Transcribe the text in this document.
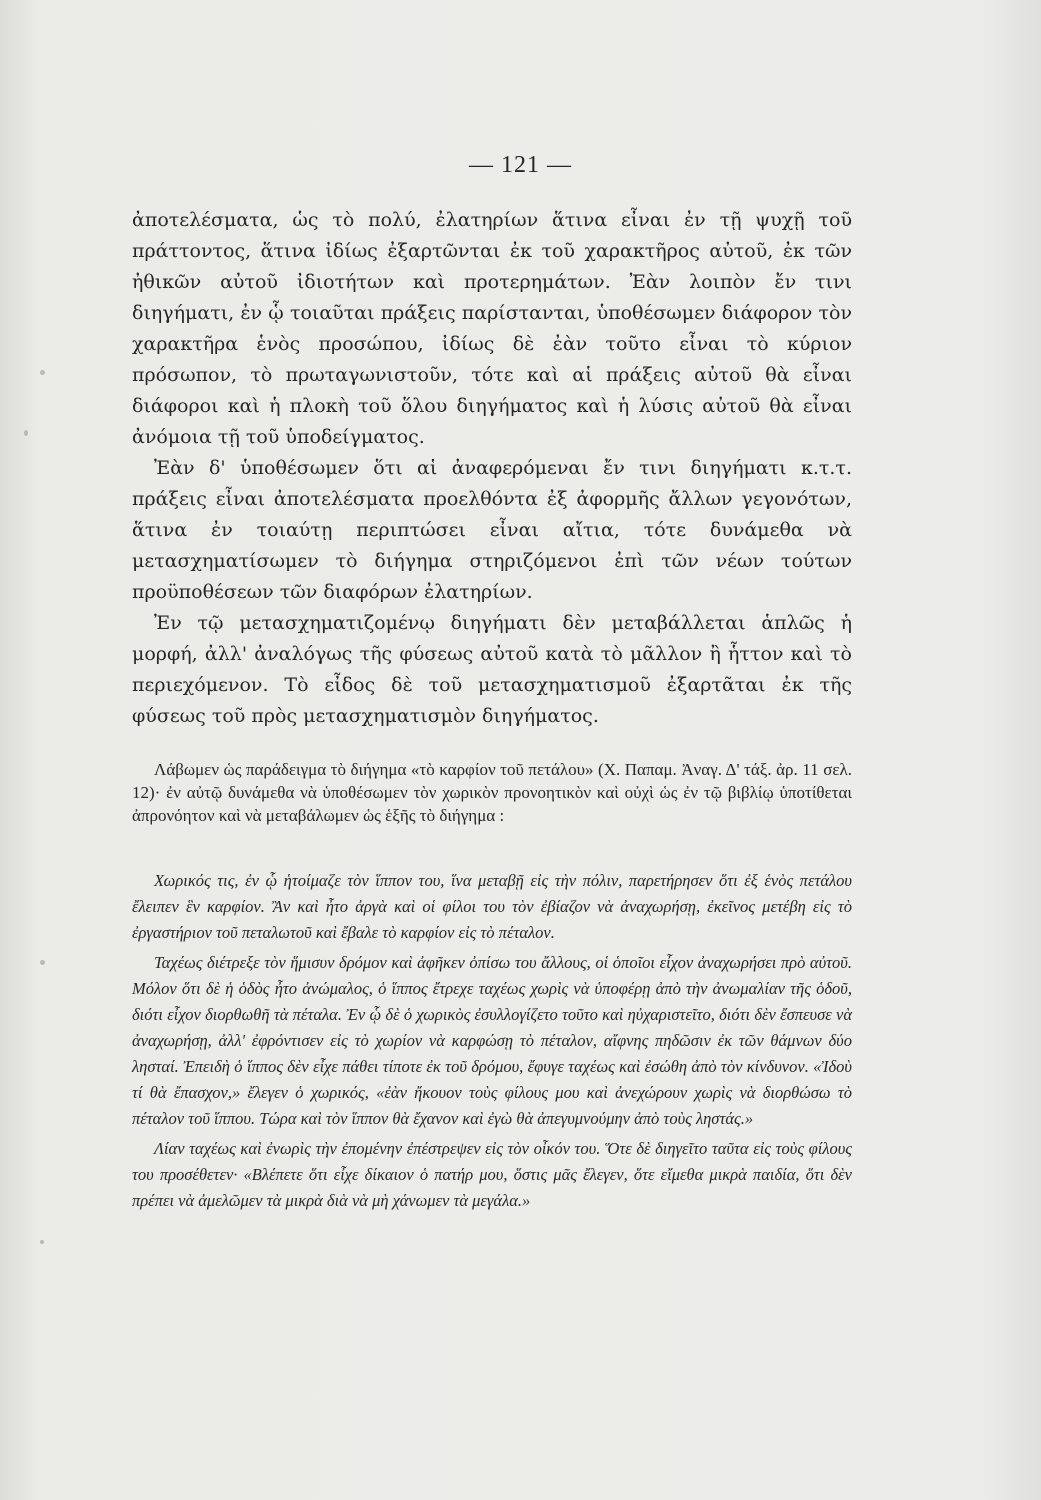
— 121 —

ἀποτελέσματα, ὡς τὸ πολύ, ἐλατηρίων ἅτινα εἶναι ἐν τῇ ψυχῇ τοῦ πράττοντος, ἅτινα ἰδίως ἐξαρτῶνται ἐκ τοῦ χαρακτῆρος αὐτοῦ, ἐκ τῶν ἠθικῶν αὐτοῦ ἰδιοτήτων καὶ προτερημάτων. Ἐὰν λοιπὸν ἔν τινι διηγήματι, ἐν ᾧ τοιαῦται πράξεις παρίστανται, ὑποθέσωμεν διάφορον τὸν χαρακτῆρα ἑνὸς προσώπου, ἰδίως δὲ ἐὰν τοῦτο εἶναι τὸ κύριον πρόσωπον, τὸ πρωταγωνιστοῦν, τότε καὶ αἱ πράξεις αὐτοῦ θὰ εἶναι διάφοροι καὶ ἡ πλοκὴ τοῦ ὅλου διηγήματος καὶ ἡ λύσις αὐτοῦ θὰ εἶναι ἀνόμοια τῇ τοῦ ὑποδείγματος.

Ἐὰν δ' ὑποθέσωμεν ὅτι αἱ ἀναφερόμεναι ἔν τινι διηγήματι κ.τ.τ. πράξεις εἶναι ἀποτελέσματα προελθόντα ἐξ ἀφορμῆς ἄλλων γεγονότων, ἅτινα ἐν τοιαύτῃ περιπτώσει εἶναι αἴτια, τότε δυνάμεθα νὰ μετασχηματίσωμεν τὸ διήγημα στηριζόμενοι ἐπὶ τῶν νέων τούτων προϋποθέσεων τῶν διαφόρων ἐλατηρίων.

Ἐν τῷ μετασχηματιζομένῳ διηγήματι δὲν μεταβάλλεται ἁπλῶς ἡ μορφή, ἀλλ' ἀναλόγως τῆς φύσεως αὐτοῦ κατὰ τὸ μᾶλλον ἢ ἧττον καὶ τὸ περιεχόμενον. Τὸ εἶδος δὲ τοῦ μετασχηματισμοῦ ἐξαρτᾶται ἐκ τῆς φύσεως τοῦ πρὸς μετασχηματισμὸν διηγήματος.

Λάβωμεν ὡς παράδειγμα τὸ διήγημα «τὸ καρφίον τοῦ πετάλου» (Χ. Παπαμ. Ἀναγ. Δ' τάξ. ἀρ. 11 σελ. 12)· ἐν αὐτῷ δυνάμεθα νὰ ὑποθέσωμεν τὸν χωρικὸν προνοητικὸν καὶ οὐχὶ ὡς ἐν τῷ βιβλίῳ ὑποτίθεται ἀπρονόητον καὶ νὰ μεταβάλωμεν ὡς ἑξῆς τὸ διήγημα :

Χωρικός τις, ἐν ᾧ ἡτοίμαζε τὸν ἵππον του, ἵνα μεταβῇ εἰς τὴν πόλιν, παρετήρησεν ὅτι ἐξ ἑνὸς πετάλου ἔλειπεν ἓν καρφίον. Ἂν καὶ ἦτο ἀργὰ καὶ οἱ φίλοι του τὸν ἐβίαζον νὰ ἀναχωρήσῃ, ἐκεῖνος μετέβη εἰς τὸ ἐργαστήριον τοῦ πεταλωτοῦ καὶ ἔβαλε τὸ καρφίον εἰς τὸ πέταλον.

Ταχέως διέτρεξε τὸν ἥμισυν δρόμον καὶ ἀφῆκεν ὀπίσω του ἄλλους, οἱ ὁποῖοι εἶχον ἀναχωρήσει πρὸ αὐτοῦ. Μόλον ὅτι δὲ ἡ ὁδὸς ἦτο ἀνώμαλος, ὁ ἵππος ἔτρεχε ταχέως χωρὶς νὰ ὑποφέρῃ ἀπὸ τὴν ἀνωμαλίαν τῆς ὁδοῦ, διότι εἶχον διορθωθῆ τὰ πέταλα. Ἐν ᾧ δὲ ὁ χωρικὸς ἐσυλλογίζετο τοῦτο καὶ ηὐχαριστεῖτο, διότι δὲν ἔσπευσε νὰ ἀναχωρήσῃ, ἀλλ' ἐφρόντισεν εἰς τὸ χωρίον νὰ καρφώσῃ τὸ πέταλον, αἴφνης πηδῶσιν ἐκ τῶν θάμνων δύο λησταί. Ἐπειδὴ ὁ ἵππος δὲν εἶχε πάθει τίποτε ἐκ τοῦ δρόμου, ἔφυγε ταχέως καὶ ἐσώθη ἀπὸ τὸν κίνδυνον. «Ἰδοὺ τί θὰ ἔπασχον,» ἔλεγεν ὁ χωρικός, «ἐὰν ἤκουον τοὺς φίλους μου καὶ ἀνεχώρουν χωρὶς νὰ διορθώσω τὸ πέταλον τοῦ ἵππου. Τώρα καὶ τὸν ἵππον θὰ ἔχανον καὶ ἐγὼ θὰ ἀπεγυμνούμην ἀπὸ τοὺς ληστάς.»

Λίαν ταχέως καὶ ἐνωρὶς τὴν ἐπομένην ἐπέστρεψεν εἰς τὸν οἶκόν του. Ὅτε δὲ διηγεῖτο ταῦτα εἰς τοὺς φίλους του προσέθετεν· «Βλέπετε ὅτι εἶχε δίκαιον ὁ πατήρ μου, ὅστις μᾶς ἔλεγεν, ὅτε εἴμεθα μικρὰ παιδία, ὅτι δὲν πρέπει νὰ ἀμελῶμεν τὰ μικρὰ διὰ νὰ μὴ χάνωμεν τὰ μεγάλα.»
